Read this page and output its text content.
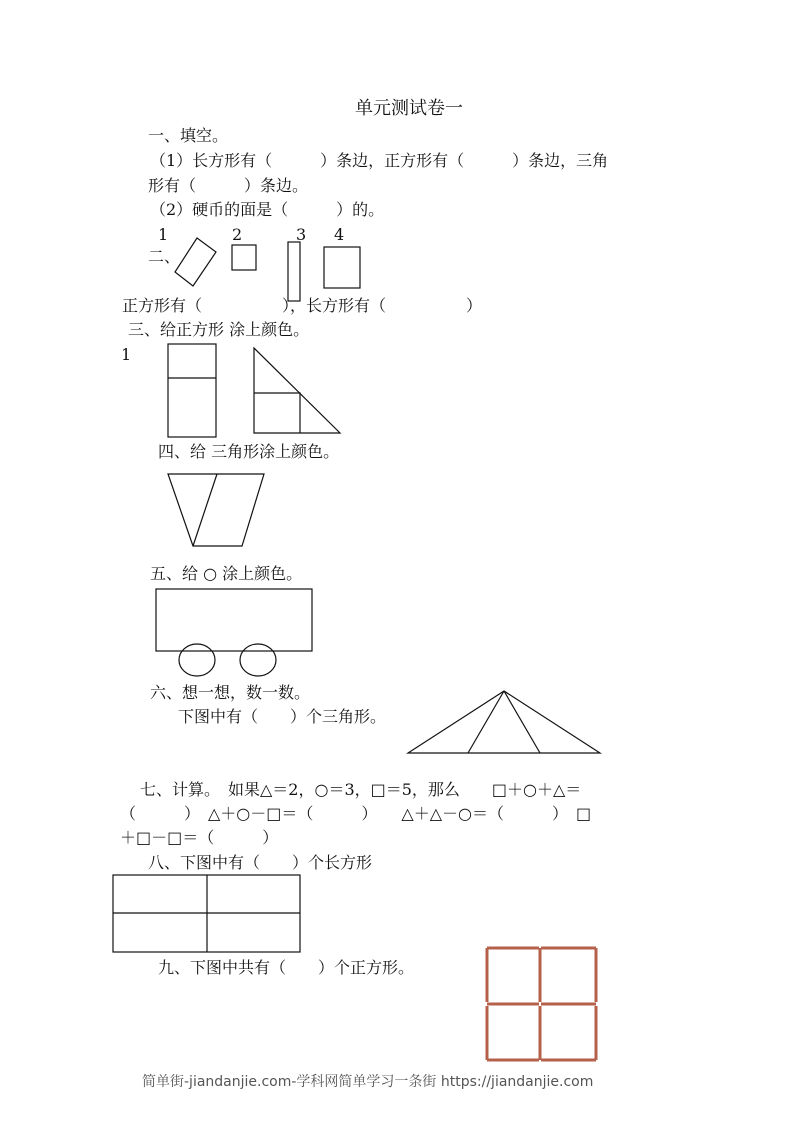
单元测试卷一
一、填空。
（1）长方形有（　　　）条边，正方形有（　　　）条边，三角
形有（　　　）条边。
（2）硬币的面是（　　　）的。
1	2	3 4
二、
正方形有（　　　　　），长方形有（　　　　　）
三、给正方形 涂上颜色。
1
四、给 三角形涂上颜色。
五、给 ○ 涂上颜色。
六、想一想，数一数。
下图中有（　　）个三角形。
七、计算。　如果△＝2，○＝3，□＝5，那么　　□＋○＋△＝
（　　　）　△＋○－□＝（　　　）　　△＋△－○＝（　　　）　□
＋□－□＝（　　　）
八、下图中有（　　）个长方形
九、下图中共有（　　）个正方形。
简单街-jiandanjie.com-学科网简单学习一条街 https://jiandanjie.com
